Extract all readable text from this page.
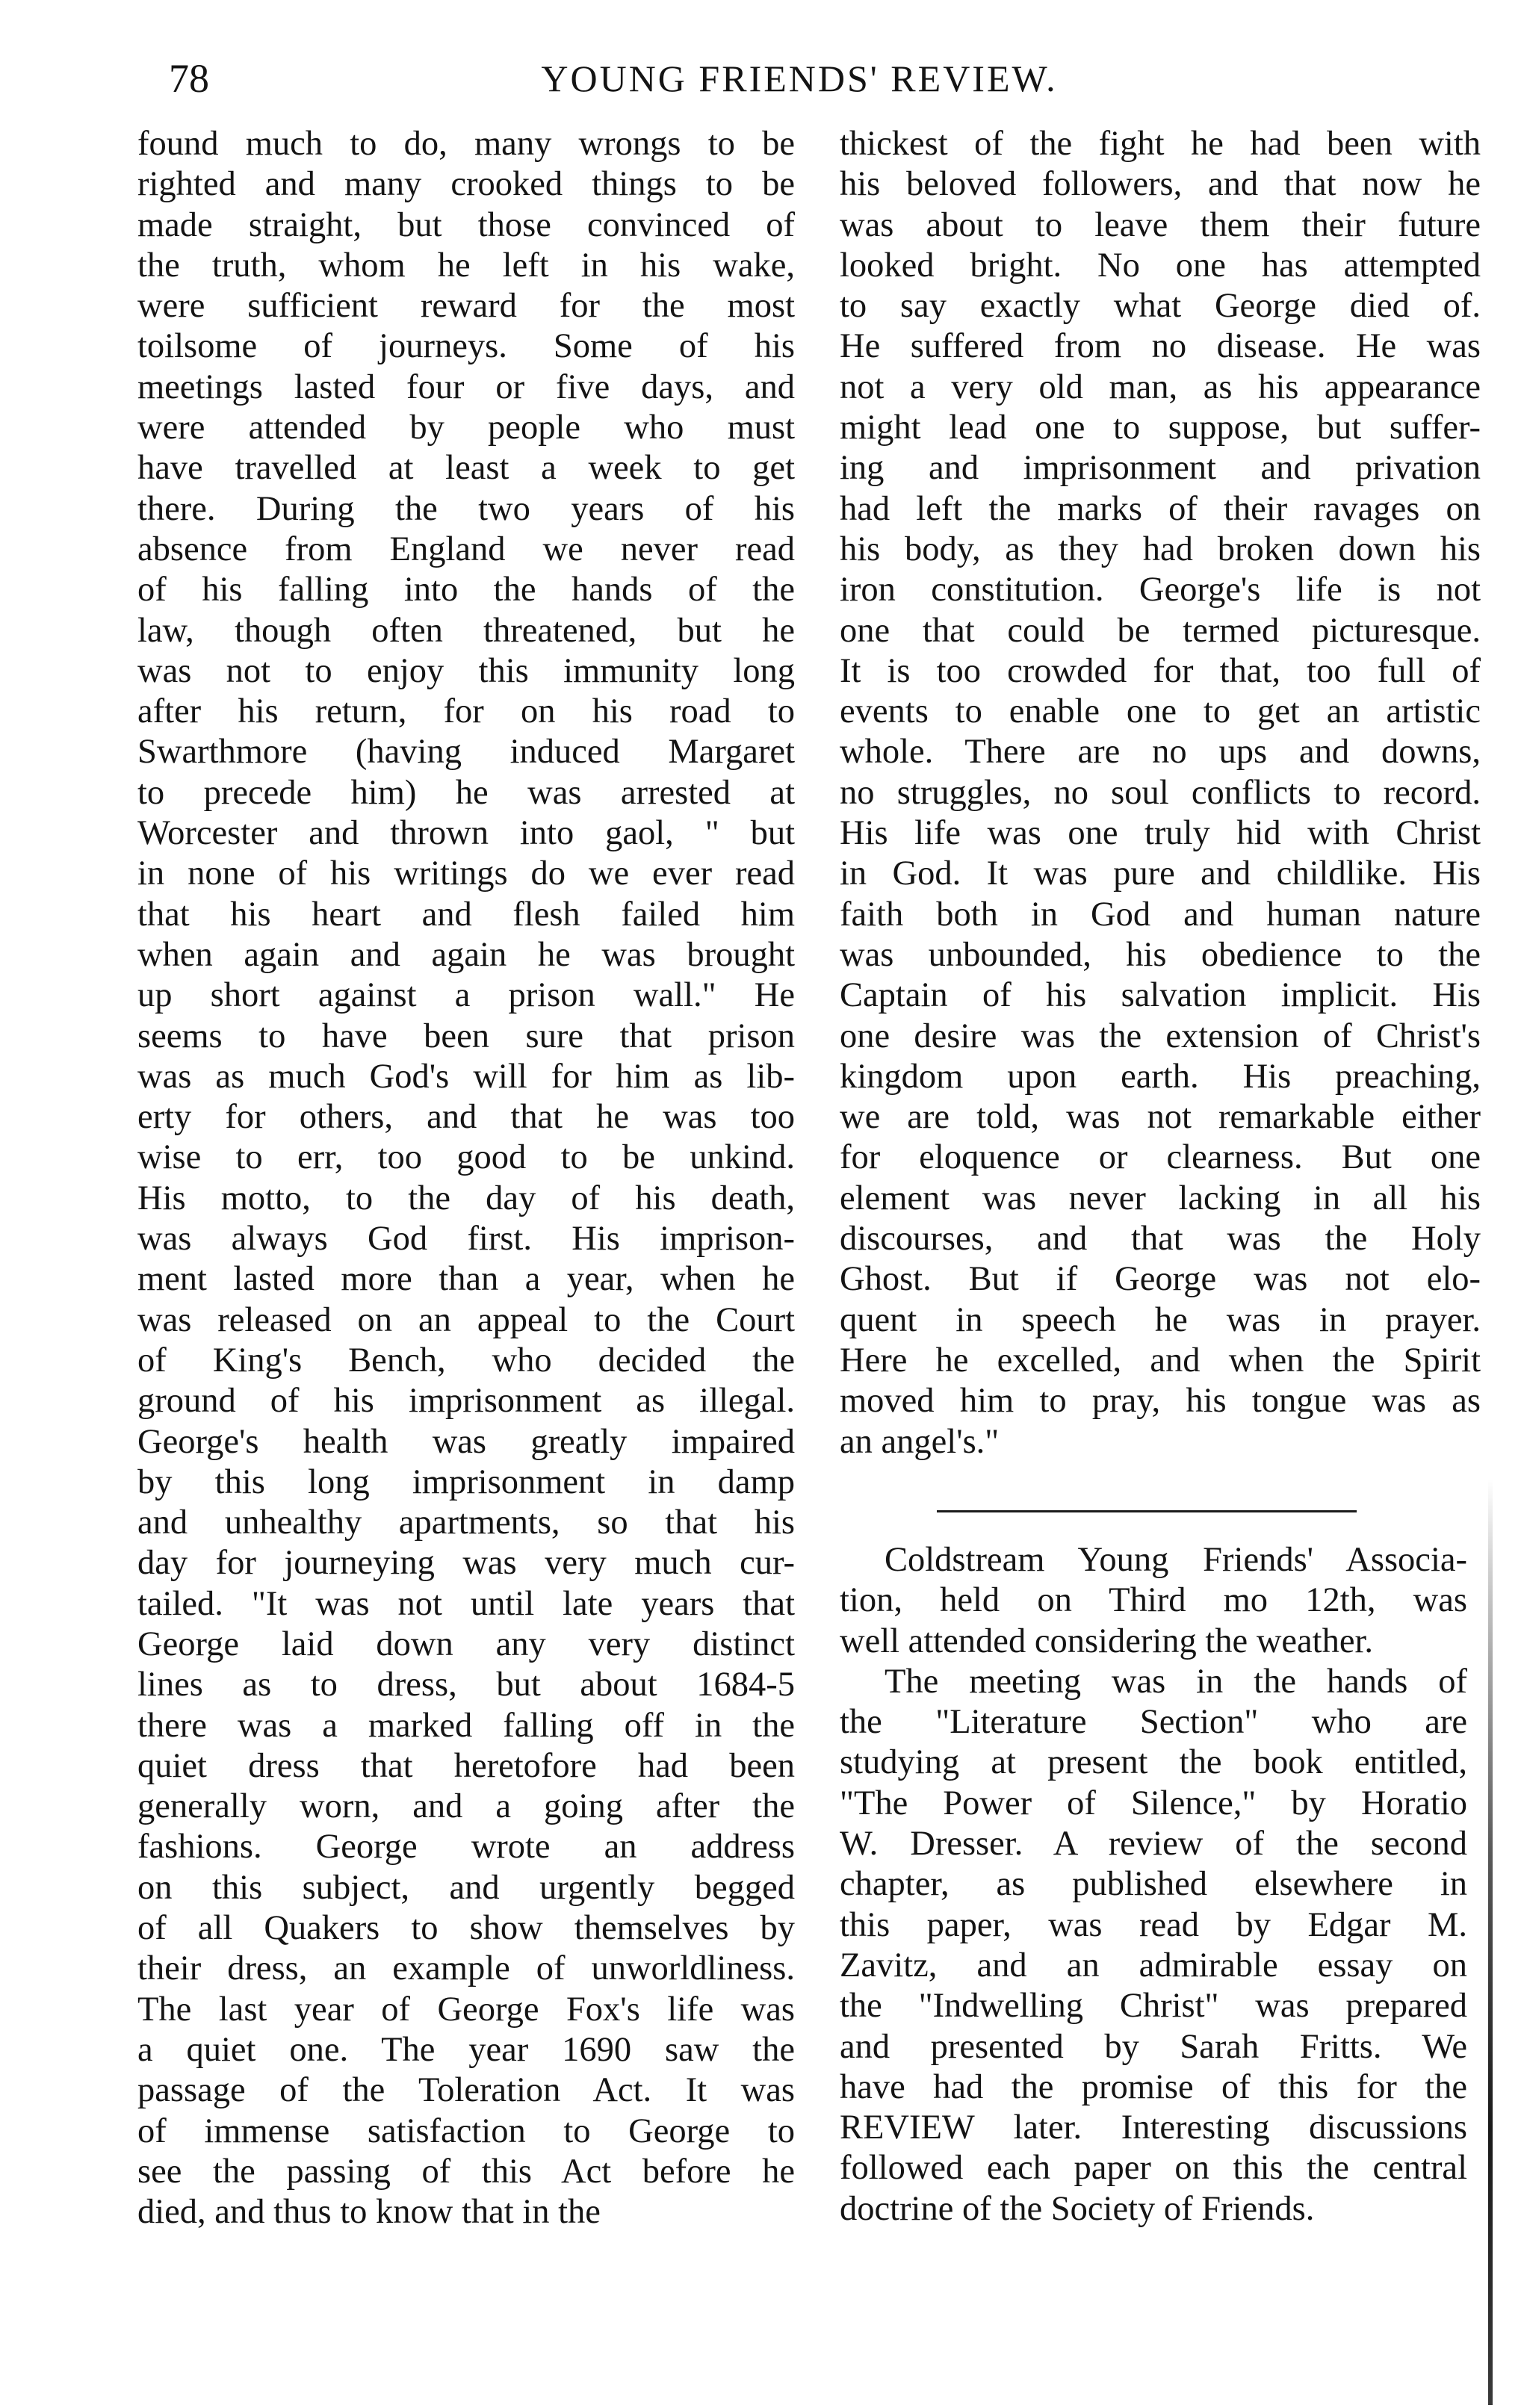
78	YOUNG FRIENDS' REVIEW.
found much to do, many wrongs to be
righted and many crooked things to be
made straight, but those convinced of
the truth, whom he left in his wake,
were sufficient reward for the most
toilsome of journeys. Some of his
meetings lasted four or five days, and
were attended by people who must
have travelled at least a week to get
there. During the two years of his
absence from England we never read
of his falling into the hands of the
law, though often threatened, but he
was not to enjoy this immunity long
after his return, for on his road to
Swarthmore (having induced Margaret
to precede him) he was arrested at
Worcester and thrown into gaol, " but
in none of his writings do we ever read
that his heart and flesh failed him
when again and again he was brought
up short against a prison wall." He
seems to have been sure that prison
was as much God's will for him as lib-
erty for others, and that he was too
wise to err, too good to be unkind.
His motto, to the day of his death,
was always God first. His imprison-
ment lasted more than a year, when he
was released on an appeal to the Court
of King's Bench, who decided the
ground of his imprisonment as illegal.
George's health was greatly impaired
by this long imprisonment in damp
and unhealthy apartments, so that his
day for journeying was very much cur-
tailed. "It was not until late years that
George laid down any very distinct
lines as to dress, but about 1684-5
there was a marked falling off in the
quiet dress that heretofore had been
generally worn, and a going after the
fashions. George wrote an address
on this subject, and urgently begged
of all Quakers to show themselves by
their dress, an example of unworldliness.
The last year of George Fox's life was
a quiet one. The year 1690 saw the
passage of the Toleration Act. It was
of immense satisfaction to George to
see the passing of this Act before he
died, and thus to know that in the
thickest of the fight he had been with
his beloved followers, and that now he
was about to leave them their future
looked bright. No one has attempted
to say exactly what George died of.
He suffered from no disease. He was
not a very old man, as his appearance
might lead one to suppose, but suffer-
ing and imprisonment and privation
had left the marks of their ravages on
his body, as they had broken down his
iron constitution. George's life is not
one that could be termed picturesque.
It is too crowded for that, too full of
events to enable one to get an artistic
whole. There are no ups and downs,
no struggles, no soul conflicts to record.
His life was one truly hid with Christ
in God. It was pure and childlike. His
faith both in God and human nature
was unbounded, his obedience to the
Captain of his salvation implicit. His
one desire was the extension of Christ's
kingdom upon earth. His preaching,
we are told, was not remarkable either
for eloquence or clearness. But one
element was never lacking in all his
discourses, and that was the Holy
Ghost. But if George was not elo-
quent in speech he was in prayer.
Here he excelled, and when the Spirit
moved him to pray, his tongue was as
an angel's."
Coldstream Young Friends' Associa-
tion, held on Third mo 12th, was
well attended considering the weather.
The meeting was in the hands of
the "Literature Section" who are
studying at present the book entitled,
"The Power of Silence," by Horatio
W. Dresser. A review of the second
chapter, as published elsewhere in
this paper, was read by Edgar M.
Zavitz, and an admirable essay on
the "Indwelling Christ" was prepared
and presented by Sarah Fritts. We
have had the promise of this for the
REVIEW later. Interesting discussions
followed each paper on this the central
doctrine of the Society of Friends.
